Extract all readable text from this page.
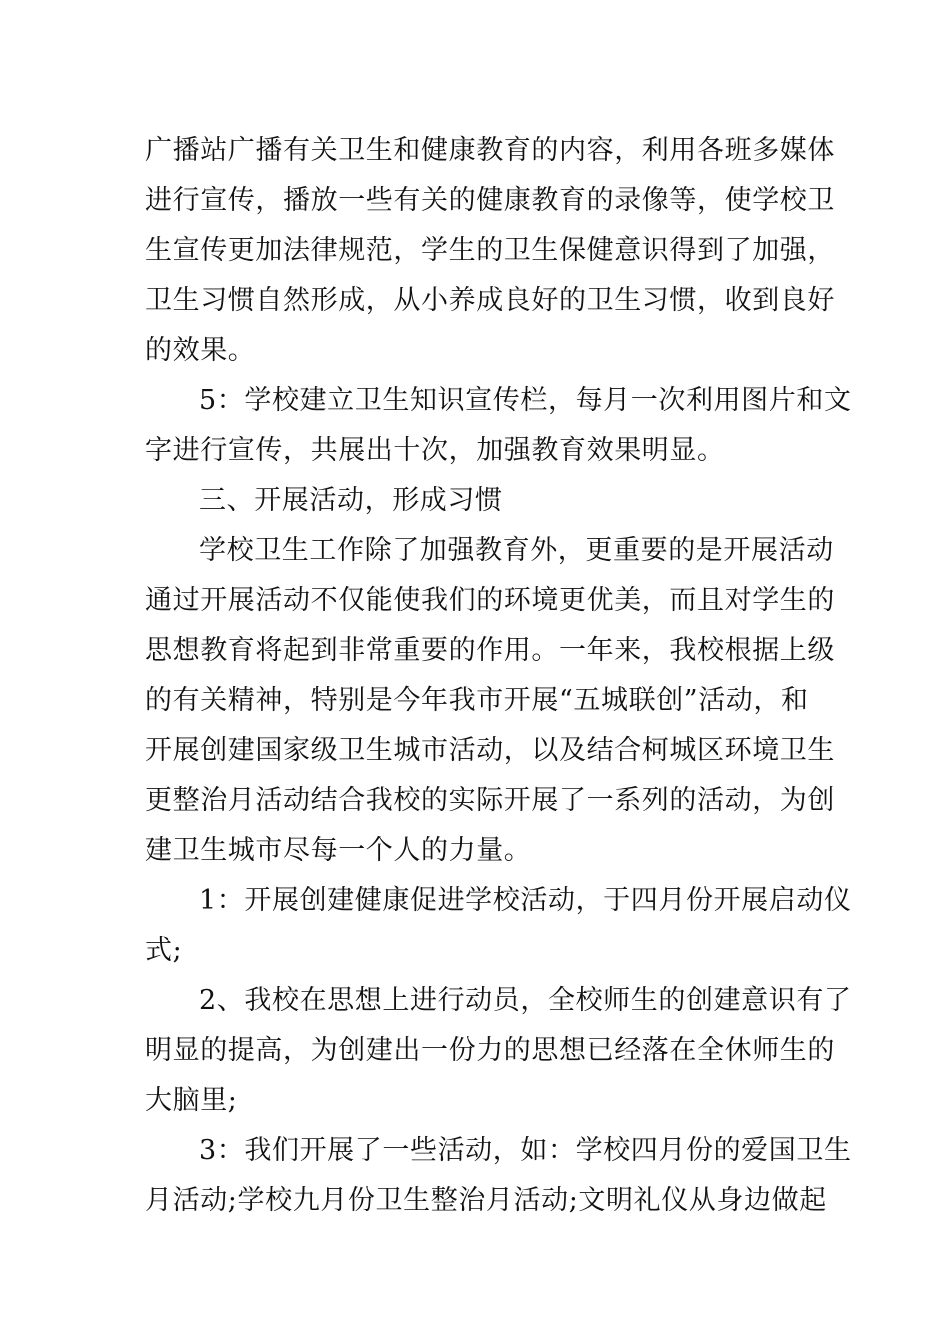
广播站广播有关卫生和健康教育的内容，利用各班多媒体
进行宣传，播放一些有关的健康教育的录像等，使学校卫
生宣传更加法律规范，学生的卫生保健意识得到了加强，
卫生习惯自然形成，从小养成良好的卫生习惯，收到良好
的效果。
5：学校建立卫生知识宣传栏，每月一次利用图片和文
字进行宣传，共展出十次，加强教育效果明显。
三、开展活动，形成习惯
学校卫生工作除了加强教育外，更重要的是开展活动
通过开展活动不仅能使我们的环境更优美，而且对学生的
思想教育将起到非常重要的作用。一年来，我校根据上级
的有关精神，特别是今年我市开展“五城联创”活动，和
开展创建国家级卫生城市活动，以及结合柯城区环境卫生
更整治月活动结合我校的实际开展了一系列的活动，为创
建卫生城市尽每一个人的力量。
1：开展创建健康促进学校活动，于四月份开展启动仪
式;
2、我校在思想上进行动员，全校师生的创建意识有了
明显的提高，为创建出一份力的思想已经落在全休师生的
大脑里;
3：我们开展了一些活动，如：学校四月份的爱国卫生
月活动;学校九月份卫生整治月活动;文明礼仪从身边做起
